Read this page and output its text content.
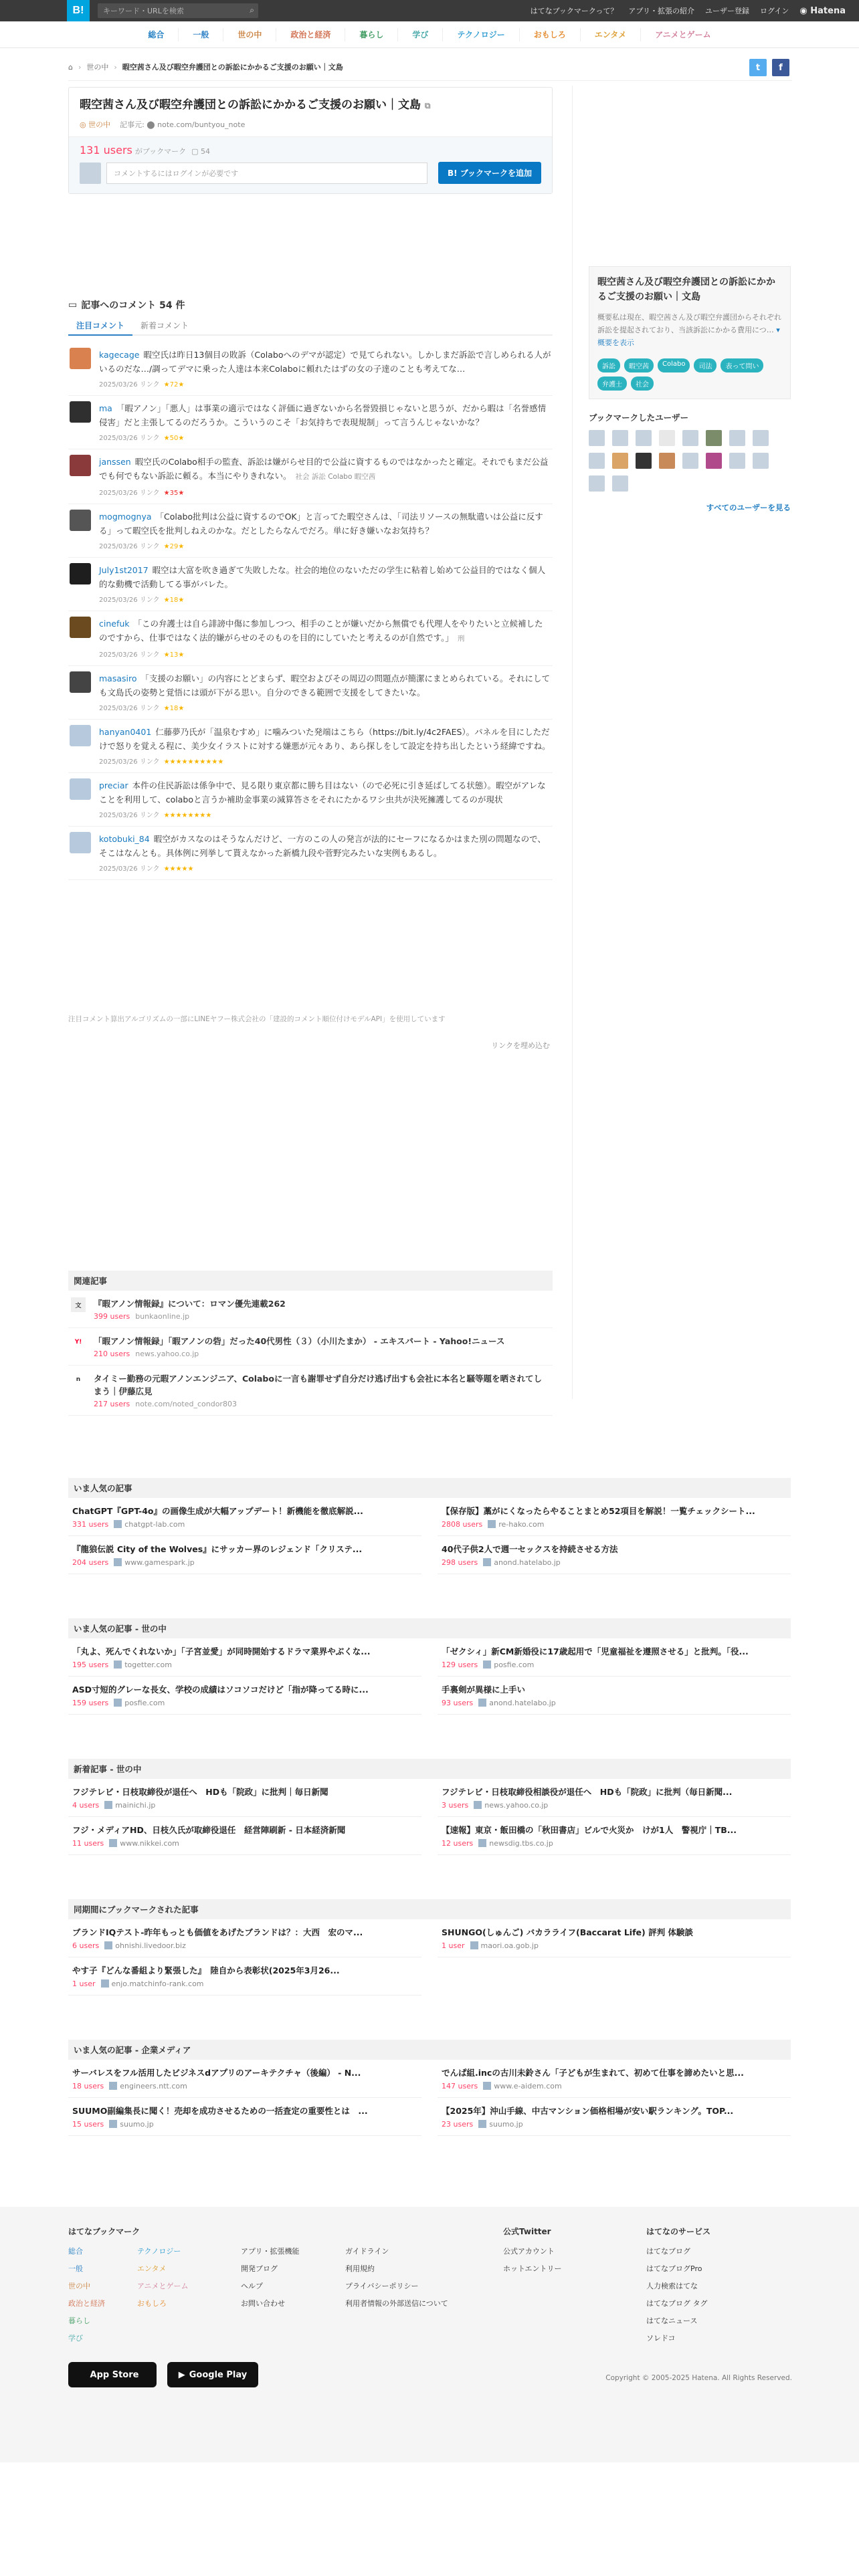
B!	キーワード・URLを検索	⌕	はてなブックマークって？ アプリ・拡張の紹介 ユーザー登録 ログイン ◉ Hatena
総合	一般	世の中	政治と経済	暮らし	学び	テクノロジー	おもしろ	エンタメ	アニメとゲーム
⌂ › 世の中 › 暇空茜さん及び暇空弁護団との訴訟にかかるご支援のお願い｜文島	t	f
暇空茜さん及び暇空弁護団との訴訟にかかるご支援のお願い｜文島 ⧉
◎ 世の中 記事元: ⬤ note.com/buntyou_note
131 users がブックマーク ▢ 54
コメントするにはログインが必要です	B! ブックマークを追加
▭ 記事へのコメント 54 件
注目コメント	新着コメント
kagecage 暇空氏は昨日13個目の敗訴（Colaboへのデマが認定）で見てられない。しかしまだ訴訟で言しめられる人がいるのだな…/調ってデマに乗った人達は本来Colaboに頼れたはずの女の子達のことも考えてな…
2025/03/26 リンク ★72★
ma 「暇アノン」「悪人」は事業の適示ではなく評価に過ぎないから名誉毀損じゃないと思うが、だから暇は「名誉感情侵害」だと主張してるのだろうか。こういうのこそ「お気持ちで表現規制」って言うんじゃないかな？
2025/03/26 リンク ★50★
janssen 暇空氏のColabo相手の監査、訴訟は嫌がらせ目的で公益に資するものではなかったと確定。それでもまだ公益でも何でもない訴訟に頼る。本当にやりきれない。 社会 訴訟 Colabo 暇空茜
2025/03/26 リンク ★35★
mogmognya 「Colabo批判は公益に資するのでOK」と言ってた暇空さんは、「司法リソースの無駄遣いは公益に反する」って暇空氏を批判しねえのかな。だとしたらなんでだろ。単に好き嫌いなお気持ち？
2025/03/26 リンク ★29★
July1st2017 暇空は大富を吹き過ぎて失敗したな。社会的地位のないただの学生に粘着し始めて公益目的ではなく個人的な動機で活動してる事がバレた。
2025/03/26 リンク ★18★
cinefuk 「この弁護士は自ら誹謗中傷に参加しつつ、相手のことが嫌いだから無償でも代理人をやりたいと立候補したのですから、仕事ではなく法的嫌がらせのそのものを目的にしていたと考えるのが自然です。」 刑
2025/03/26 リンク ★13★
masasiro 「支援のお願い」の内容にとどまらず、暇空およびその周辺の問題点が簡潔にまとめられている。それにしても文島氏の姿勢と覚悟には頭が下がる思い。自分のできる範囲で支援をしてきたいな。
2025/03/26 リンク ★18★
hanyan0401 仁藤夢乃氏が「温泉むすめ」に噛みついた発端はこちら（https://bit.ly/4c2FAES）。パネルを目にしただけで怒りを覚える程に、美少女イラストに対する嫌悪が元々あり、あら探しをして設定を持ち出したという経緯ですね。
2025/03/26 リンク ★★★★★★★★★★
preciar 本件の住民訴訟は係争中で、見る限り東京都に勝ち目はない（ので必死に引き延ばしてる状態）。暇空がアレなことを利用して、colaboと言うか補助金事業の減算答さをそれにたかるワシ虫共が決死擁護してるのが現状
2025/03/26 リンク ★★★★★★★★
kotobuki_84 暇空がカスなのはそうなんだけど、一方のこの人の発言が法的にセーフになるかはまた別の問題なので、そこはなんとも。具体例に列挙して貰えなかった新橋九段や菅野完みたいな実例もあるし。
2025/03/26 リンク ★★★★★
注目コメント算出アルゴリズムの一部にLINEヤフー株式会社の「建設的コメント順位付けモデルAPI」を使用しています
リンクを埋め込む
暇空茜さん及び暇空弁護団との訴訟にかかるご支援のお願い｜文島
概要私は現在、暇空茜さん及び暇空弁護団からそれぞれ訴訟を提起されており、当該訴訟にかかる費用につ… ▾ 概要を表示
訴訟	暇空茜	Colabo	司法	表って問い
弁護士	社会
ブックマークしたユーザー
すべてのユーザーを見る
関連記事
文	『暇アノン情報録』について：ロマン優先連載262
399 users bunkaonline.jp
Y!	「暇アノン情報録」「暇アノンの砦」だった40代男性（３）（小川たまか） - エキスパート - Yahoo!ニュース
210 users news.yahoo.co.jp
n	タイミー勤務の元暇アノンエンジニア、Colaboに一言も謝罪せず自分だけ逃げ出すも会社に本名と騒等題を晒されてしまう｜伊藤広見
217 users note.com/noted_condor803
いま人気の記事
ChatGPT『GPT-4o』の画像生成が大幅アップデート！新機能を徹底解説...
331 users chatgpt-lab.com
【保存版】藁がにくなったらやることまとめ52項目を解説！一覧チェックシート...
2808 users re-hako.com
『龍狼伝説 City of the Wolves』にサッカー界のレジェンド「クリステ...
204 users www.gamespark.jp
40代子供2人で週一セックスを持続させる方法
298 users anond.hatelabo.jp
いま人気の記事 - 世の中
「丸よ、死んでくれないか」「子宮並愛」が同時開始するドラマ業界やぶくな...
195 users togetter.com
「ゼクシィ」新CM新婚役に17歳起用で「児童福祉を遵照させる」と批判。「役...
129 users posfie.com
ASD寸短的グレーな長女、学校の成績はソコソコだけど「指が降ってる時に...
159 users posfie.com
手裏剣が異様に上手い
93 users anond.hatelabo.jp
新着記事 - 世の中
フジテレビ・日枝取締役が退任へ　HDも「院政」に批判｜毎日新聞
4 users mainichi.jp
フジテレビ・日枝取締役相談役が退任へ　HDも「院政」に批判（毎日新聞...
3 users news.yahoo.co.jp
フジ・メディアHD、日枝久氏が取締役退任　経営陣刷新 - 日本経済新聞
11 users www.nikkei.com
【速報】東京・飯田橋の「秋田書店」ビルで火災か　けが1人　警視庁｜TB...
12 users newsdig.tbs.co.jp
同期間にブックマークされた記事
ブランドIQテスト-昨年もっとも価値をあげたブランドは？：大西　宏のマ...
6 users ohnishi.livedoor.biz
SHUNGO(しゅんご) バカラライフ(Baccarat Life) 評判 体験談
1 user maori.oa.gob.jp
やす子『どんな番組より緊張した』　陸自から表彰状(2025年3月26...
1 user enjo.matchinfo-rank.com
いま人気の記事 - 企業メディア
サーバレスをフル活用したビジネスdアプリのアーキテクチャ（後編） - N...
18 users engineers.ntt.com
でんぱ組.incの古川未鈴さん「子どもが生まれて、初めて仕事を諦めたいと思...
147 users www.e-aidem.com
SUUMO副編集長に聞く！売却を成功させるための一括査定の重要性とは　...
15 users suumo.jp
【2025年】沖山手線、中古マンション価格相場が安い駅ランキング。TOP...
23 users suumo.jp
はてなブックマーク
総合
一般
世の中
政治と経済
暮らし
学び
テクノロジー
エンタメ
アニメとゲーム
おもしろ
アプリ・拡張機能
開発ブログ
ヘルプ
お問い合わせ
ガイドライン
利用規約
プライバシーポリシー
利用者情報の外部送信について
公式Twitter
公式アカウント
ホットエントリー
はてなのサービス
はてなブログ
はてなブログPro
人力検索はてな
はてなブログ タグ
はてなニュース
ソレドコ
App Store	▶ Google Play	Copyright © 2005-2025 Hatena. All Rights Reserved.
